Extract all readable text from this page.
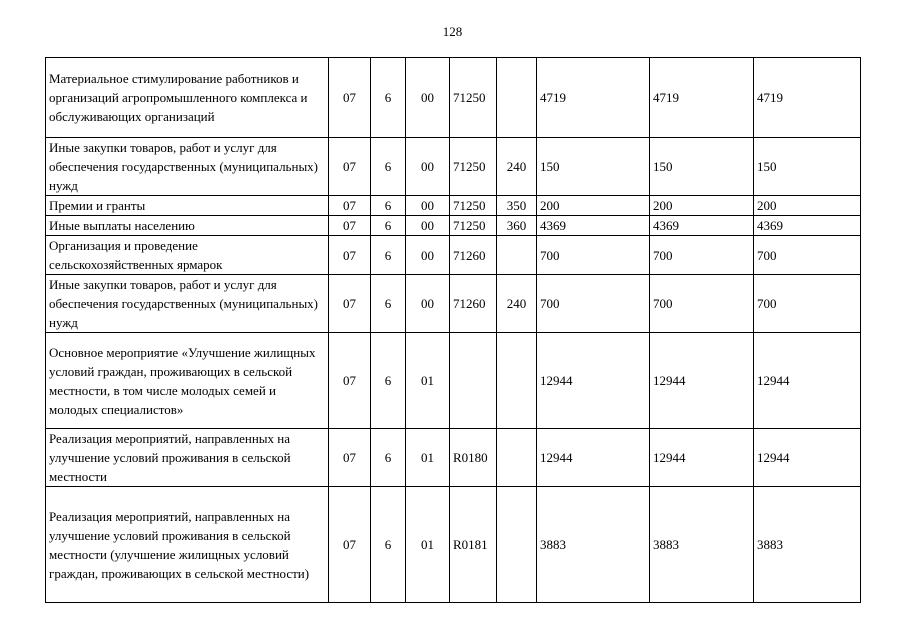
128
Материальное стимулирование работников и организаций агропромышленного комплекса и обслуживающих организаций	07	6	00	71250		4719	4719	4719
Иные закупки товаров, работ и услуг для обеспечения государственных (муниципальных) нужд	07	6	00	71250	240	150	150	150
Премии и гранты	07	6	00	71250	350	200	200	200
Иные выплаты населению	07	6	00	71250	360	4369	4369	4369
Организация и проведение сельскохозяйственных ярмарок	07	6	00	71260		700	700	700
Иные закупки товаров, работ и услуг для обеспечения государственных (муниципальных) нужд	07	6	00	71260	240	700	700	700
Основное мероприятие «Улучшение жилищных условий граждан, проживающих в сельской местности, в том числе молодых семей и молодых специалистов»	07	6	01			12944	12944	12944
Реализация мероприятий, направленных на улучшение условий проживания в сельской местности	07	6	01	R0180		12944	12944	12944
Реализация мероприятий, направленных на улучшение условий проживания в сельской местности (улучшение жилищных условий граждан, проживающих в сельской местности)	07	6	01	R0181		3883	3883	3883
